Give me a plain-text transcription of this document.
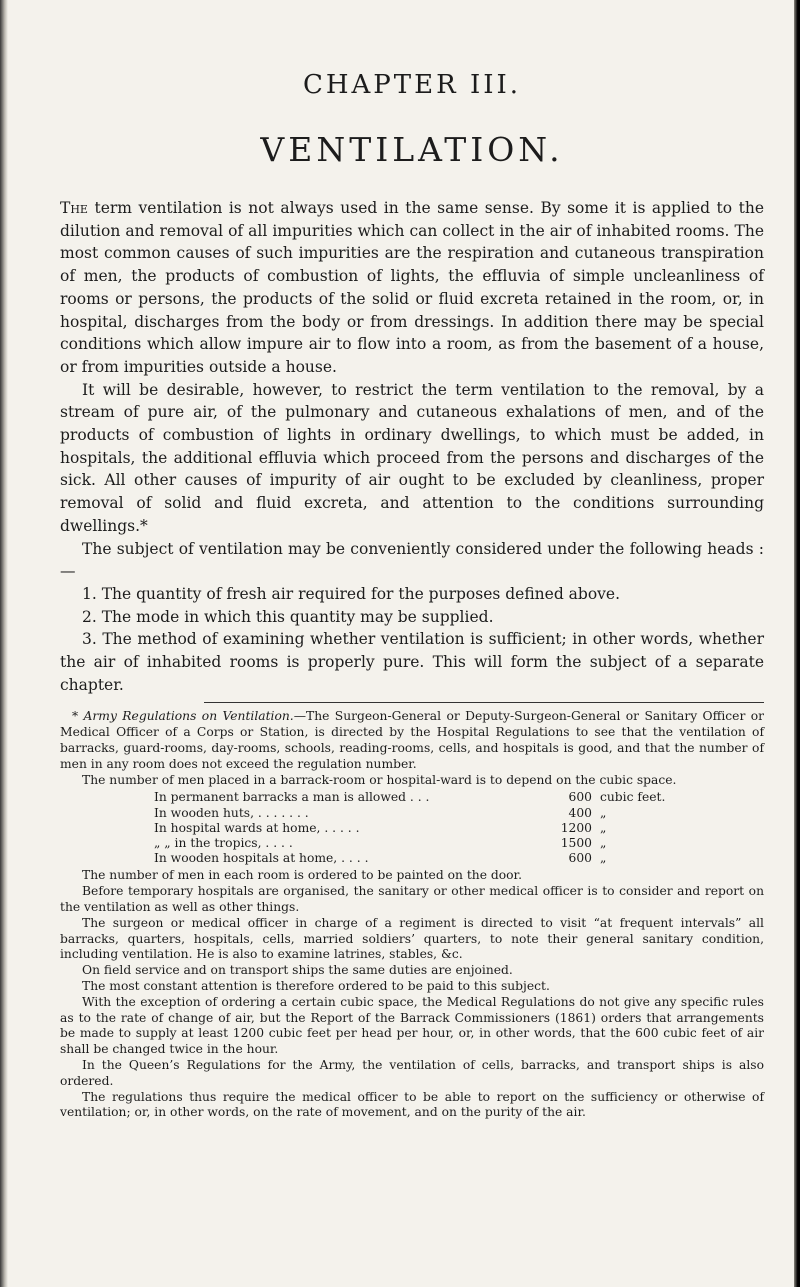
CHAPTER III.
VENTILATION.

The term ventilation is not always used in the same sense. By some it is applied to the dilution and removal of all impurities which can collect in the air of inhabited rooms. The most common causes of such impurities are the respiration and cutaneous transpiration of men, the products of combustion of lights, the effluvia of simple uncleanliness of rooms or persons, the products of the solid or fluid excreta retained in the room, or, in hospital, discharges from the body or from dressings. In addition there may be special conditions which allow impure air to flow into a room, as from the basement of a house, or from impurities outside a house.

It will be desirable, however, to restrict the term ventilation to the removal, by a stream of pure air, of the pulmonary and cutaneous exhalations of men, and of the products of combustion of lights in ordinary dwellings, to which must be added, in hospitals, the additional effluvia which proceed from the persons and discharges of the sick. All other causes of impurity of air ought to be excluded by cleanliness, proper removal of solid and fluid excreta, and attention to the conditions surrounding dwellings.*

The subject of ventilation may be conveniently considered under the following heads :—

1. The quantity of fresh air required for the purposes defined above.
2. The mode in which this quantity may be supplied.
3. The method of examining whether ventilation is sufficient; in other words, whether the air of inhabited rooms is properly pure. This will form the subject of a separate chapter.

* Army Regulations on Ventilation.—The Surgeon-General or Deputy-Surgeon-General or Sanitary Officer or Medical Officer of a Corps or Station, is directed by the Hospital Regulations to see that the ventilation of barracks, guard-rooms, day-rooms, schools, reading-rooms, cells, and hospitals is good, and that the number of men in any room does not exceed the regulation number.

The number of men placed in a barrack-room or hospital-ward is to depend on the cubic space.

	In permanent barracks a man is allowed . . .	600	cubic feet.
	In wooden huts, . . . . . . .	400	„
	In hospital wards at home, . . . . .	1200	„
	„ „ in the tropics, . . . .	1500	„
	In wooden hospitals at home, . . . .	600	„

The number of men in each room is ordered to be painted on the door.

Before temporary hospitals are organised, the sanitary or other medical officer is to consider and report on the ventilation as well as other things.

The surgeon or medical officer in charge of a regiment is directed to visit “at frequent intervals” all barracks, quarters, hospitals, cells, married soldiers’ quarters, to note their general sanitary condition, including ventilation. He is also to examine latrines, stables, &c.

On field service and on transport ships the same duties are enjoined.

The most constant attention is therefore ordered to be paid to this subject.

With the exception of ordering a certain cubic space, the Medical Regulations do not give any specific rules as to the rate of change of air, but the Report of the Barrack Commissioners (1861) orders that arrangements be made to supply at least 1200 cubic feet per head per hour, or, in other words, that the 600 cubic feet of air shall be changed twice in the hour.

In the Queen’s Regulations for the Army, the ventilation of cells, barracks, and transport ships is also ordered.

The regulations thus require the medical officer to be able to report on the sufficiency or otherwise of ventilation; or, in other words, on the rate of movement, and on the purity of the air.
